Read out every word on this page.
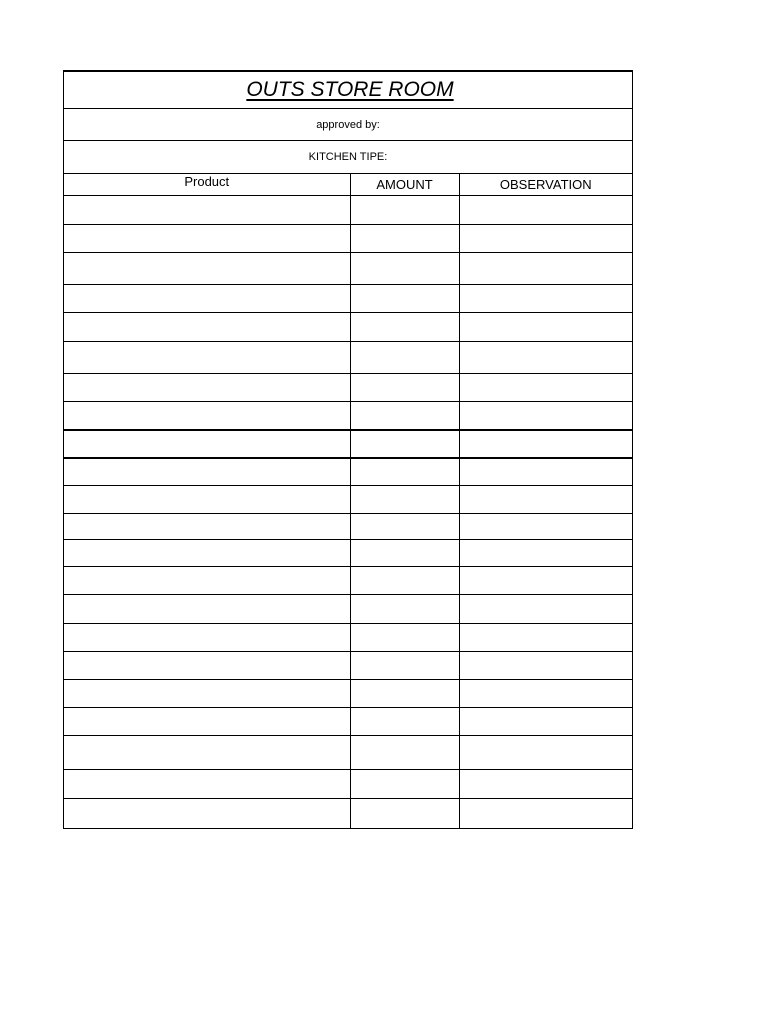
OUTS STORE ROOM
approved by:
KITCHEN TIPE:
Product	AMOUNT	OBSERVATION
